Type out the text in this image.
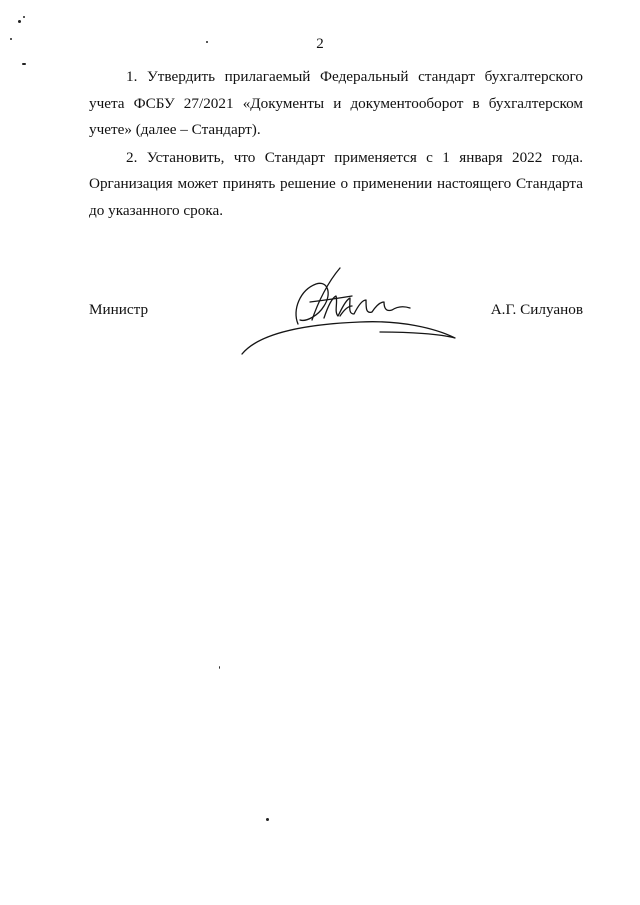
2

1. Утвердить прилагаемый Федеральный стандарт бухгалтерского учета ФСБУ 27/2021 «Документы и документооборот в бухгалтерском учете» (далее – Стандарт).

2. Установить, что Стандарт применяется с 1 января 2022 года. Организация может принять решение о применении настоящего Стандарта до указанного срока.

Министр	А.Г. Силуанов
